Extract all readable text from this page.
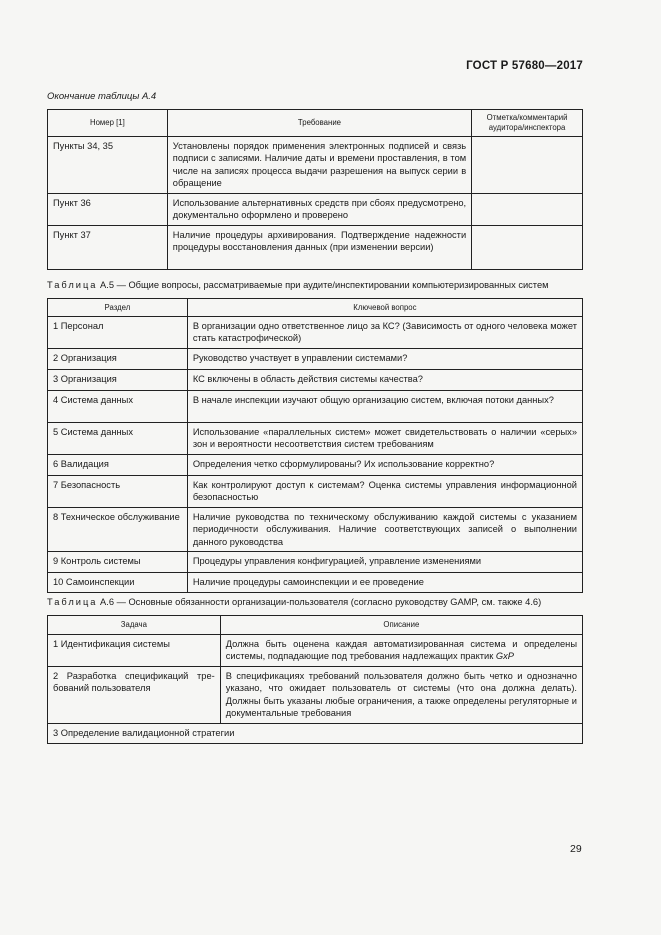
ГОСТ Р 57680—2017
Окончание таблицы А.4
Номер [1]	Требование	Отметка/комментарий аудитора/инспектора
Пункты 34, 35	Установлены порядок применения электронных подписей и связь подписи с записями. Наличие даты и времени проставления, в том числе на записях процесса выдачи разрешения на выпуск серии в обращение	
Пункт 36	Использование альтернативных средств при сбоях предусмотрено, документально оформлено и проверено	
Пункт 37	Наличие процедуры архивирования. Подтверждение надежности процедуры восстановления данных (при изменении версии)	
Таблица А.5 — Общие вопросы, рассматриваемые при аудите/инспектировании компьютеризированных систем
Раздел	Ключевой вопрос
1 Персонал	В организации одно ответственное лицо за КС? (Зависимость от одного человека может стать катастрофической)
2 Организация	Руководство участвует в управлении системами?
3 Организация	КС включены в область действия системы качества?
4 Система данных	В начале инспекции изучают общую организацию систем, включая потоки данных?
5 Система данных	Использование «параллельных систем» может свидетельствовать о наличии «серых» зон и вероятности несоответствия систем требованиям
6 Валидация	Определения четко сформулированы? Их использование корректно?
7 Безопасность	Как контролируют доступ к системам? Оценка системы управления информационной безопасностью
8 Техническое обслуживание	Наличие руководства по техническому обслуживанию каждой системы с указанием периодичности обслуживания. Наличие соответствующих записей о выполнении данного руководства
9 Контроль системы	Процедуры управления конфигурацией, управление изменениями
10 Самоинспекции	Наличие процедуры самоинспекции и ее проведение
Таблица А.6 — Основные обязанности организации-пользователя (согласно руководству GAMP, см. также 4.6)
Задача	Описание
1 Идентификация системы	Должна быть оценена каждая автоматизированная система и определены системы, подпадающие под требования надлежащих практик GxP
2 Разработка спецификаций требований пользователя	В спецификациях требований пользователя должно быть четко и однозначно указано, что ожидает пользователь от системы (что она должна делать). Должны быть указаны любые ограничения, а также определены регуляторные и документальные требования
3 Определение валидационной стратегии	
29
